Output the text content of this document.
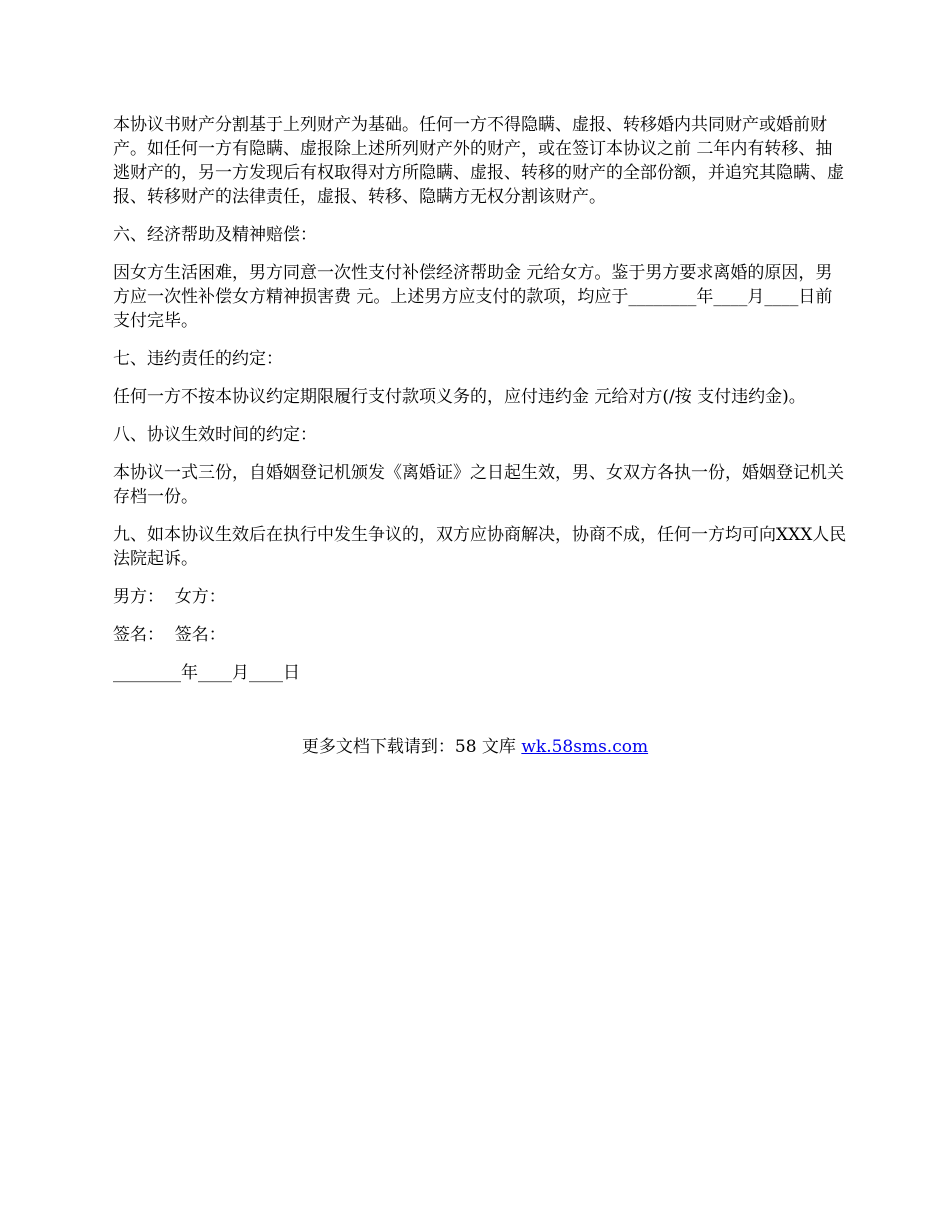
本协议书财产分割基于上列财产为基础。任何一方不得隐瞒、虚报、转移婚内共同财产或婚前财产。如任何一方有隐瞒、虚报除上述所列财产外的财产，或在签订本协议之前 二年内有转移、抽逃财产的，另一方发现后有权取得对方所隐瞒、虚报、转移的财产的全部份额，并追究其隐瞒、虚报、转移财产的法律责任，虚报、转移、隐瞒方无权分割该财产。

六、经济帮助及精神赔偿：

因女方生活困难，男方同意一次性支付补偿经济帮助金 元给女方。鉴于男方要求离婚的原因，男方应一次性补偿女方精神损害费 元。上述男方应支付的款项，均应于________年____月____日前支付完毕。

七、违约责任的约定：

任何一方不按本协议约定期限履行支付款项义务的，应付违约金 元给对方(/按 支付违约金)。

八、协议生效时间的约定：

本协议一式三份，自婚姻登记机颁发《离婚证》之日起生效，男、女双方各执一份，婚姻登记机关存档一份。

九、如本协议生效后在执行中发生争议的，双方应协商解决，协商不成，任何一方均可向XXX人民法院起诉。

男方：  女方：

签名：  签名：

________年____月____日

更多文档下载请到：58 文库 wk.58sms.com
